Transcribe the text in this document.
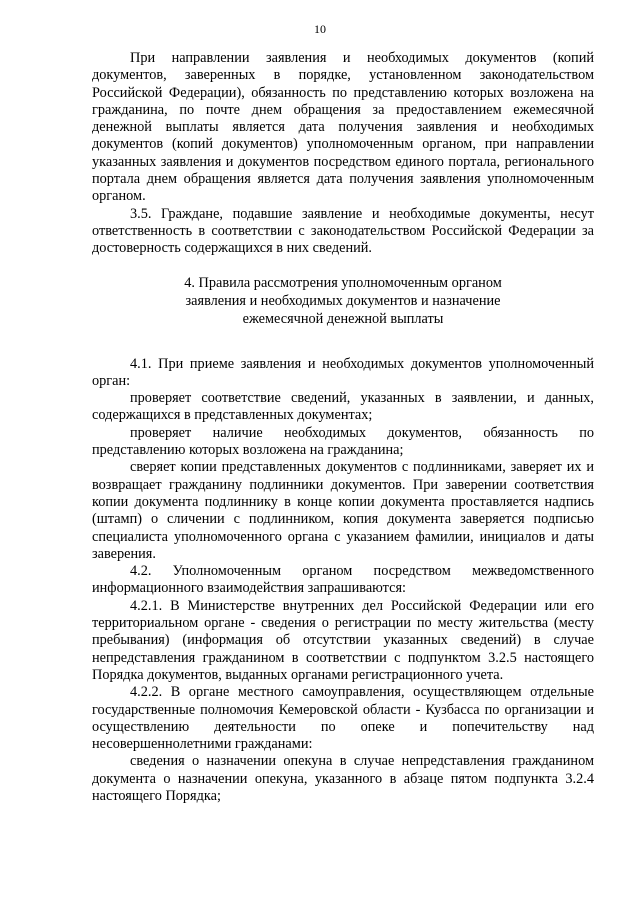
10

При направлении заявления и необходимых документов (копий документов, заверенных в порядке, установленном законодательством Российской Федерации), обязанность по представлению которых возложена на гражданина, по почте днем обращения за предоставлением ежемесячной денежной выплаты является дата получения заявления и необходимых документов (копий документов) уполномоченным органом, при направлении указанных заявления и документов посредством единого портала, регионального портала днем обращения является дата получения заявления уполномоченным органом.

3.5. Граждане, подавшие заявление и необходимые документы, несут ответственность в соответствии с законодательством Российской Федерации за достоверность содержащихся в них сведений.

4. Правила рассмотрения уполномоченным органом
заявления и необходимых документов и назначение
ежемесячной денежной выплаты

4.1. При приеме заявления и необходимых документов уполномоченный орган:

проверяет соответствие сведений, указанных в заявлении, и данных, содержащихся в представленных документах;

проверяет наличие необходимых документов, обязанность по представлению которых возложена на гражданина;

сверяет копии представленных документов с подлинниками, заверяет их и возвращает гражданину подлинники документов. При заверении соответствия копии документа подлиннику в конце копии документа проставляется надпись (штамп) о сличении с подлинником, копия документа заверяется подписью специалиста уполномоченного органа с указанием фамилии, инициалов и даты заверения.

4.2. Уполномоченным органом посредством межведомственного информационного взаимодействия запрашиваются:

4.2.1. В Министерстве внутренних дел Российской Федерации или его территориальном органе - сведения о регистрации по месту жительства (месту пребывания) (информация об отсутствии указанных сведений) в случае непредставления гражданином в соответствии с подпунктом 3.2.5 настоящего Порядка документов, выданных органами регистрационного учета.

4.2.2. В органе местного самоуправления, осуществляющем отдельные государственные полномочия Кемеровской области - Кузбасса по организации и осуществлению деятельности по опеке и попечительству над несовершеннолетними гражданами:

сведения о назначении опекуна в случае непредставления гражданином документа о назначении опекуна, указанного в абзаце пятом подпункта 3.2.4 настоящего Порядка;
